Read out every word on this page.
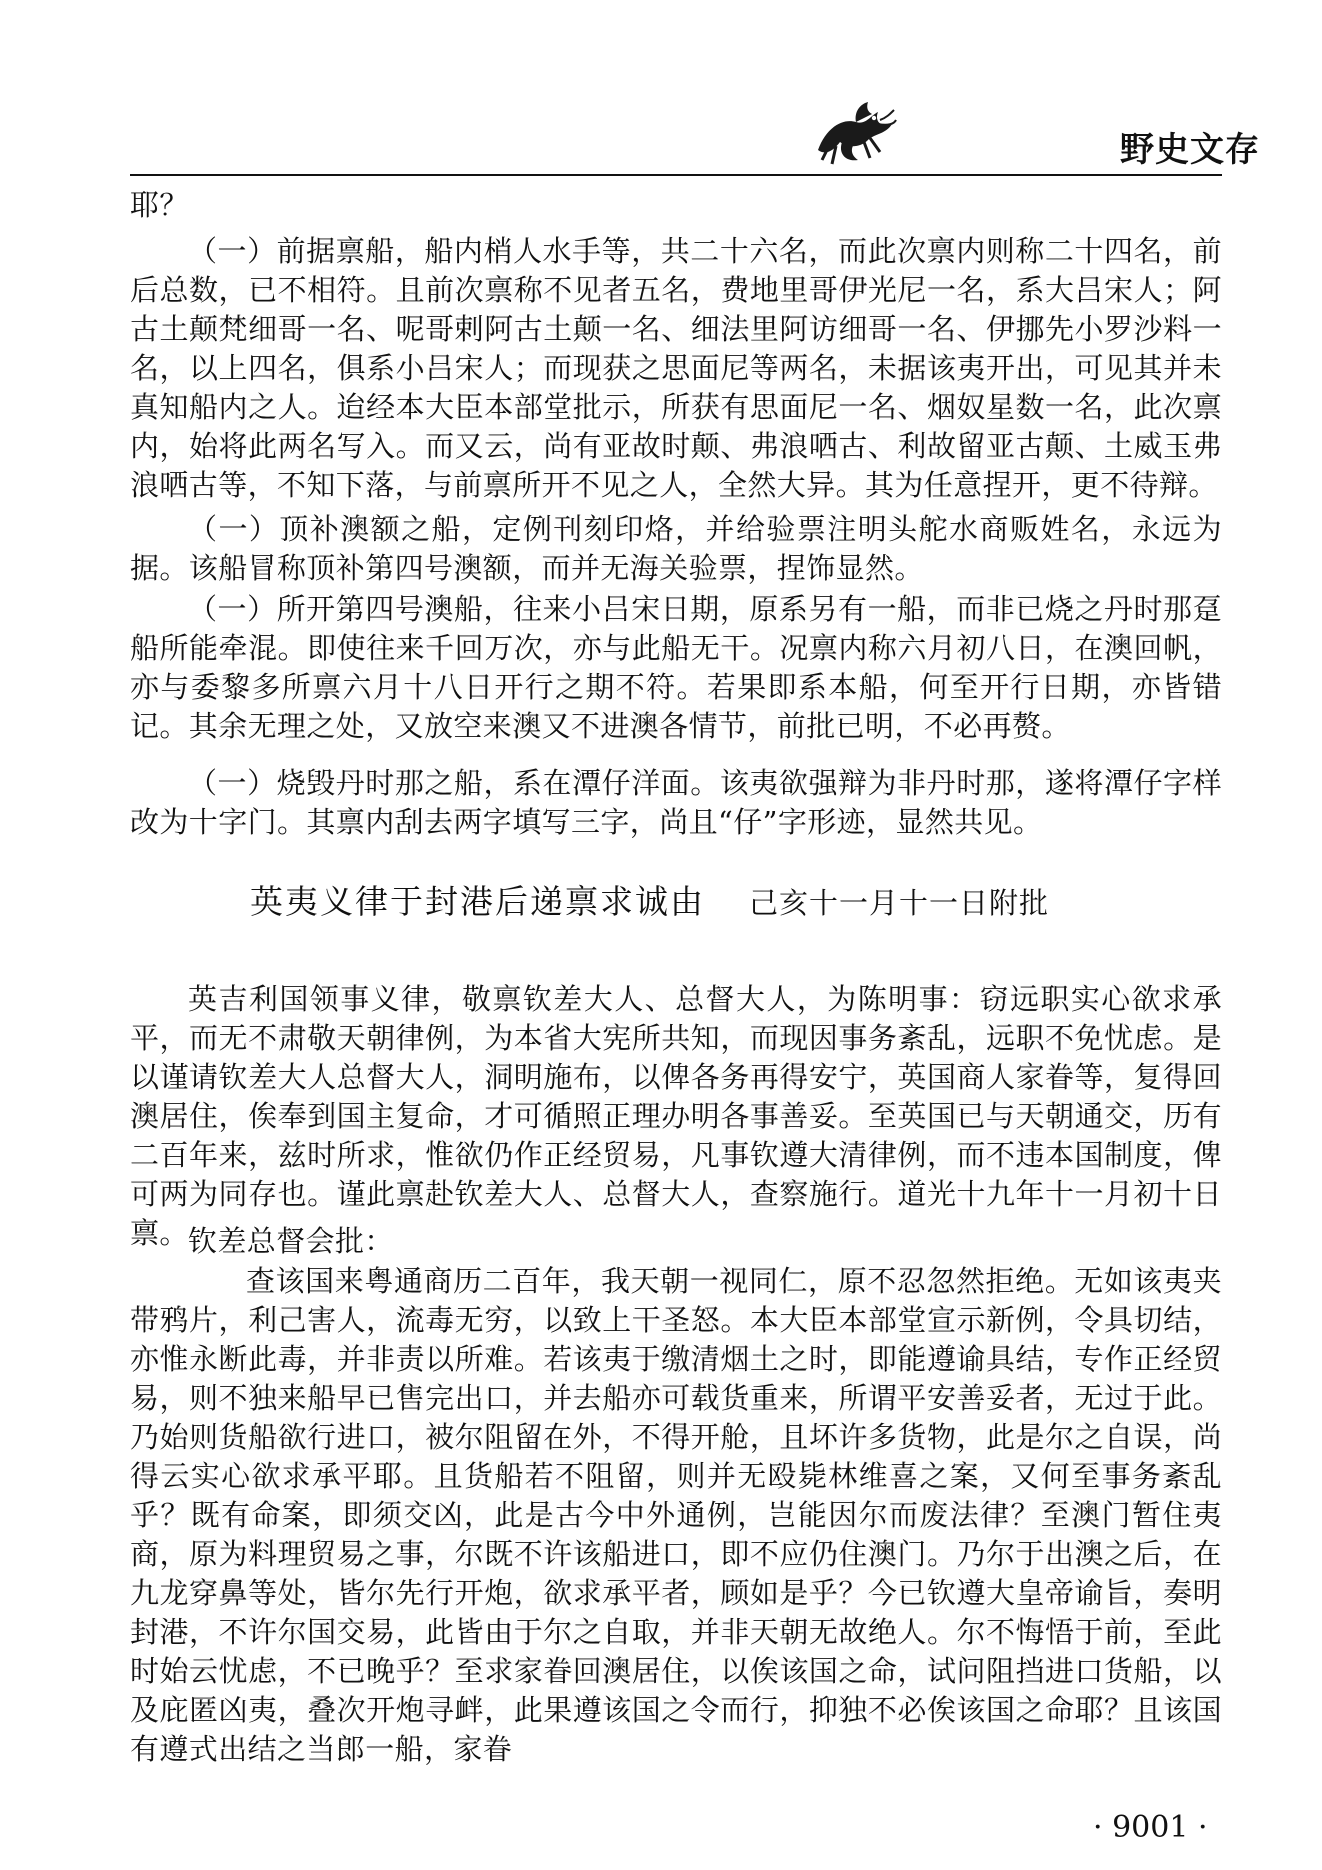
野史文存
耶？
（一）前据禀船，船内梢人水手等，共二十六名，而此次禀内则称二十四名，前后总数，已不相符。且前次禀称不见者五名，费地里哥伊光尼一名，系大吕宋人；阿古土颠梵细哥一名、呢哥剌阿古土颠一名、细法里阿访细哥一名、伊挪先小罗沙料一名，以上四名，俱系小吕宋人；而现获之思面尼等两名，未据该夷开出，可见其并未真知船内之人。迨经本大臣本部堂批示，所获有思面尼一名、烟奴星数一名，此次禀内，始将此两名写入。而又云，尚有亚故时颠、弗浪哂古、利故留亚古颠、土威玉弗浪哂古等，不知下落，与前禀所开不见之人，全然大异。其为任意捏开，更不待辩。
（一）顶补澳额之船，定例刊刻印烙，并给验票注明头舵水商贩姓名，永远为据。该船冒称顶补第四号澳额，而并无海关验票，捏饰显然。
（一）所开第四号澳船，往来小吕宋日期，原系另有一船，而非已烧之丹时那趸船所能牵混。即使往来千回万次，亦与此船无干。况禀内称六月初八日，在澳回帆，亦与委黎多所禀六月十八日开行之期不符。若果即系本船，何至开行日期，亦皆错记。其余无理之处，又放空来澳又不进澳各情节，前批已明，不必再赘。
（一）烧毁丹时那之船，系在潭仔洋面。该夷欲强辩为非丹时那，遂将潭仔字样改为十字门。其禀内刮去两字填写三字，尚且“仔”字形迹，显然共见。
英夷义律于封港后递禀求诚由 己亥十一月十一日附批
英吉利国领事义律，敬禀钦差大人、总督大人，为陈明事：窃远职实心欲求承平，而无不肃敬天朝律例，为本省大宪所共知，而现因事务紊乱，远职不免忧虑。是以谨请钦差大人总督大人，洞明施布，以俾各务再得安宁，英国商人家眷等，复得回澳居住，俟奉到国主复命，才可循照正理办明各事善妥。至英国已与天朝通交，历有二百年来，兹时所求，惟欲仍作正经贸易，凡事钦遵大清律例，而不违本国制度，俾可两为同存也。谨此禀赴钦差大人、总督大人，查察施行。道光十九年十一月初十日禀。 钦差总督会批：
查该国来粤通商历二百年，我天朝一视同仁，原不忍忽然拒绝。无如该夷夹带鸦片，利己害人，流毒无穷，以致上干圣怒。本大臣本部堂宣示新例，令具切结，亦惟永断此毒，并非责以所难。若该夷于缴清烟土之时，即能遵谕具结，专作正经贸易，则不独来船早已售完出口，并去船亦可载货重来，所谓平安善妥者，无过于此。乃始则货船欲行进口，被尔阻留在外，不得开舱，且坏许多货物，此是尔之自误，尚得云实心欲求承平耶。且货船若不阻留，则并无殴毙林维喜之案，又何至事务紊乱乎？既有命案，即须交凶，此是古今中外通例，岂能因尔而废法律？至澳门暂住夷商，原为料理贸易之事，尔既不许该船进口，即不应仍住澳门。乃尔于出澳之后，在九龙穿鼻等处，皆尔先行开炮，欲求承平者，顾如是乎？今已钦遵大皇帝谕旨，奏明封港，不许尔国交易，此皆由于尔之自取，并非天朝无故绝人。尔不悔悟于前，至此时始云忧虑，不已晚乎？至求家眷回澳居住，以俟该国之命，试问阻挡进口货船，以及庇匿凶夷，叠次开炮寻衅，此果遵该国之令而行，抑独不必俟该国之命耶？且该国有遵式出结之当郎一船，家眷
· 9001 ·
